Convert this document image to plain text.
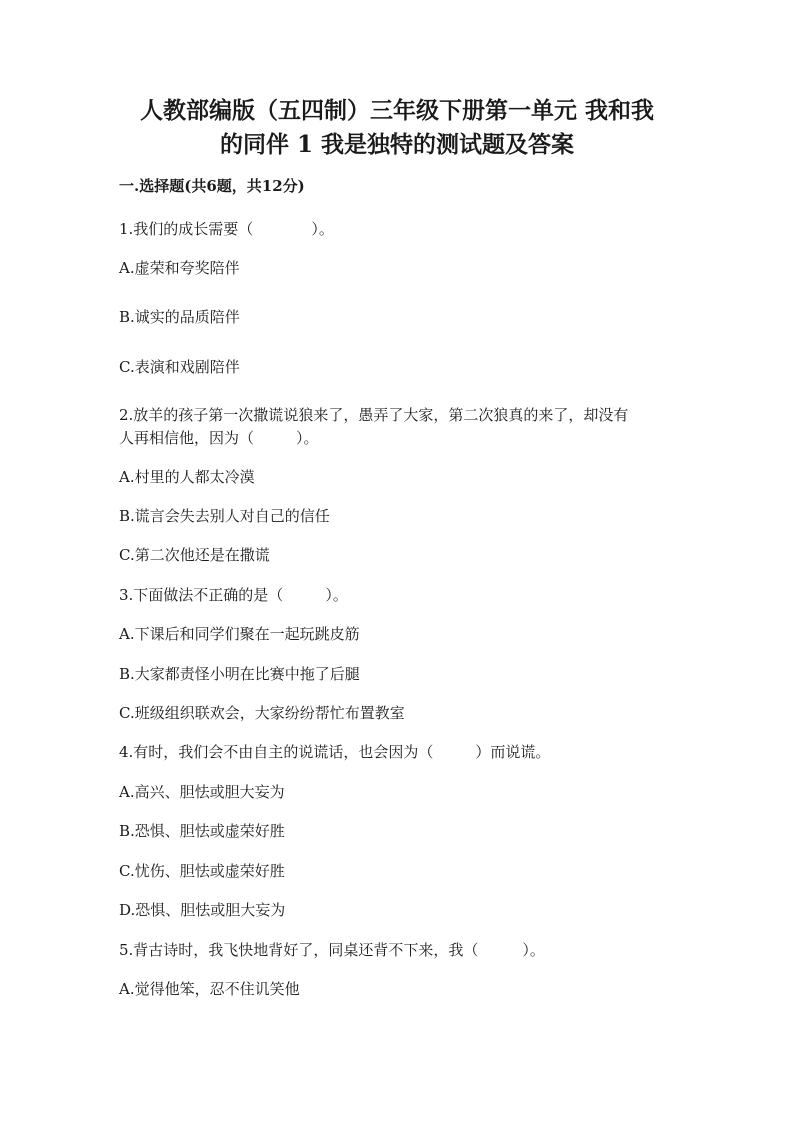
人教部编版（五四制）三年级下册第一单元 我和我
的同伴 1 我是独特的测试题及答案
一.选择题(共6题，共12分)
1.我们的成长需要（	）。
A.虚荣和夸奖陪伴
B.诚实的品质陪伴
C.表演和戏剧陪伴
2.放羊的孩子第一次撒谎说狼来了，愚弄了大家，第二次狼真的来了，却没有
人再相信他，因为（	）。
A.村里的人都太冷漠
B.谎言会失去别人对自己的信任
C.第二次他还是在撒谎
3.下面做法不正确的是（	）。
A.下课后和同学们聚在一起玩跳皮筋
B.大家都责怪小明在比赛中拖了后腿
C.班级组织联欢会，大家纷纷帮忙布置教室
4.有时，我们会不由自主的说谎话，也会因为（	）而说谎。
A.高兴、胆怯或胆大妄为
B.恐惧、胆怯或虚荣好胜
C.忧伤、胆怯或虚荣好胜
D.恐惧、胆怯或胆大妄为
5.背古诗时，我飞快地背好了，同桌还背不下来，我（	）。
A.觉得他笨，忍不住讥笑他
